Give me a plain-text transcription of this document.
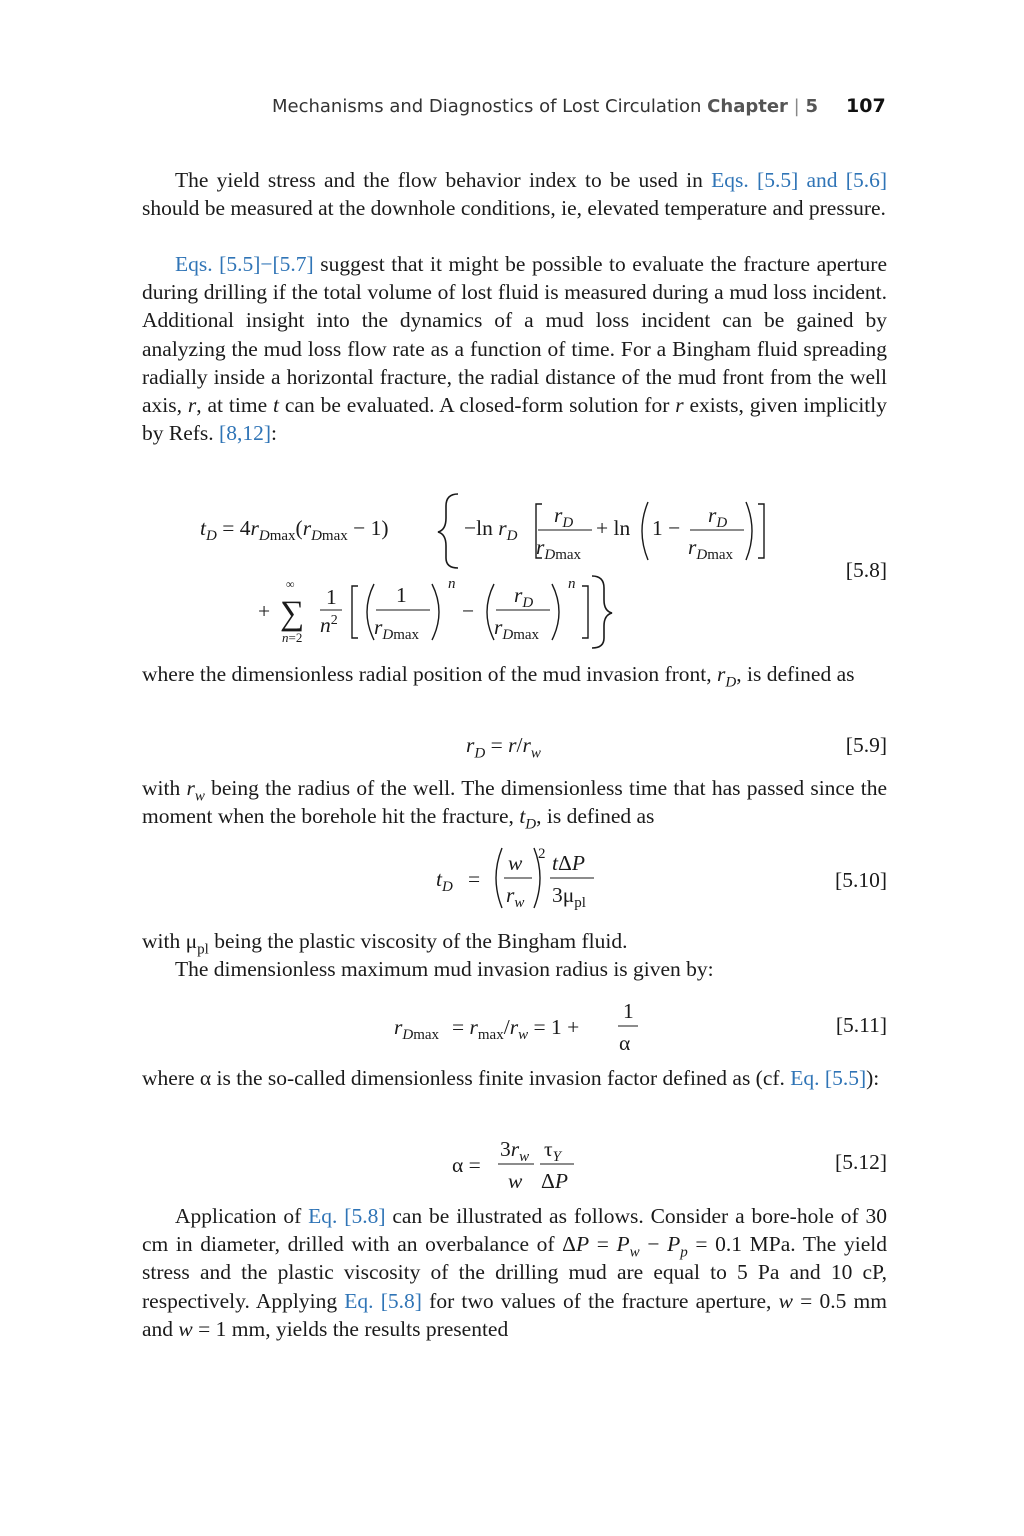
Mechanisms and Diagnostics of Lost Circulation Chapter | 5 107
The yield stress and the flow behavior index to be used in Eqs. [5.5] and [5.6] should be measured at the downhole conditions, ie, elevated temperature and pressure.
Eqs. [5.5]−[5.7] suggest that it might be possible to evaluate the fracture aperture during drilling if the total volume of lost fluid is measured during a mud loss incident. Additional insight into the dynamics of a mud loss incident can be gained by analyzing the mud loss flow rate as a function of time. For a Bingham fluid spreading radially inside a horizontal fracture, the radial distance of the mud front from the well axis, r, at time t can be evaluated. A closed-form solution for r exists, given implicitly by Refs. [8,12]:
$t_D = 4r_{Dmax}(r_{Dmax} - 1)$	−ln $r_D$
$r_D$
$r_D\max$
+ ln 1 −
$r_D$
$r_D\max$
+
∞
∑
n=2
1
$n^2$
1
$r_D\max$
n
−
$r_D$
$r_D\max$
n
[5.8]
where the dimensionless radial position of the mud invasion front, $r_D$, is defined as
$r_D = r/r_w$	[5.9]
with $r_w$ being the radius of the well. The dimensionless time that has passed since the moment when the borehole hit the fracture, $t_D$, is defined as
$t_D$ =
w
$r_w$
2 tΔP
$3\mu_{pl}$
[5.10]
with $\mu_{pl}$ being the plastic viscosity of the Bingham fluid.
The dimensionless maximum mud invasion radius is given by:
$r_D\max = r_{max}/r_w = 1$ +
1
α
[5.11]
where α is the so-called dimensionless finite invasion factor defined as (cf. Eq. [5.5]):
α =
$3r_w$
w
$\tau_Y$
ΔP
[5.12]
Application of Eq. [5.8] can be illustrated as follows. Consider a bore-hole of 30 cm in diameter, drilled with an overbalance of $\Delta P = P_w - P_p = 0.1$ MPa. The yield stress and the plastic viscosity of the drilling mud are equal to 5 Pa and 10 cP, respectively. Applying Eq. [5.8] for two values of the fracture aperture, w = 0.5 mm and w = 1 mm, yields the results presented
